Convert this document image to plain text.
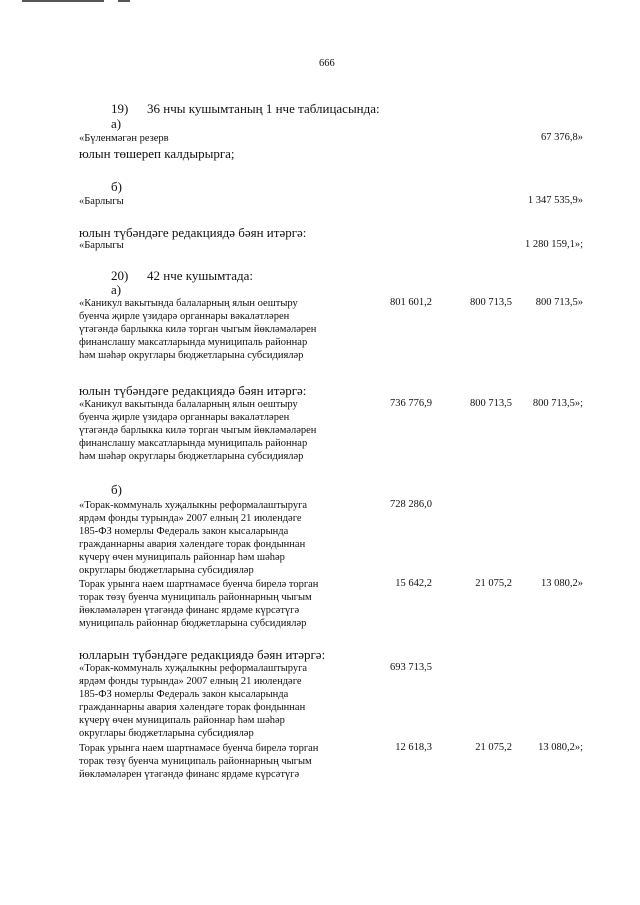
666
19) 36 нчы кушымтаның 1 нче таблицасында:
а)
«Бүленмәгән резерв	67 376,8»
юлын төшереп калдырырга;
б)
«Барлыгы	1 347 535,9»
юлын түбәндәге редакциядә бәян итәргә:
«Барлыгы	1 280 159,1»;
20) 42 нче кушымтада:
а)
«Каникул вакытында балаларның ялын оештыру
буенча җирле үзидарә органнары вәкаләтләрен
үтәгәндә барлыкка килә торган чыгым йөкләмәләрен
финанслашу максатларында муниципаль районнар
һәм шәһәр округлары бюджетларына субсидияләр
801 601,2	800 713,5	800 713,5»
юлын түбәндәге редакциядә бәян итәргә:
«Каникул вакытында балаларның ялын оештыру
буенча җирле үзидарә органнары вәкаләтләрен
үтәгәндә барлыкка килә торган чыгым йөкләмәләрен
финанслашу максатларында муниципаль районнар
һәм шәһәр округлары бюджетларына субсидияләр
736 776,9	800 713,5	800 713,5»;
б)
«Торак-коммуналь хуҗалыкны реформалаштыруга
ярдәм фонды турында» 2007 елның 21 июлендәге
185-ФЗ номерлы Федераль закон кысаларында
гражданнарны авария хәлендәге торак фондыннан
күчерү өчен муниципаль районнар һәм шәһәр
округлары бюджетларына субсидияләр
728 286,0
Торак урынга наем шартнамәсе буенча бирелә торган
торак төзү буенча муниципаль районнарның чыгым
йөкләмәләрен үтәгәндә финанс ярдәме күрсәтүгә
муниципаль районнар бюджетларына субсидияләр
15 642,2	21 075,2	13 080,2»
юлларын түбәндәге редакциядә бәян итәргә:
«Торак-коммуналь хуҗалыкны реформалаштыруга
ярдәм фонды турында» 2007 елның 21 июлендәге
185-ФЗ номерлы Федераль закон кысаларында
гражданнарны авария хәлендәге торак фондыннан
күчерү өчен муниципаль районнар һәм шәһәр
округлары бюджетларына субсидияләр
693 713,5
Торак урынга наем шартнамәсе буенча бирелә торган
торак төзү буенча муниципаль районнарның чыгым
йөкләмәләрен үтәгәндә финанс ярдәме күрсәтүгә
12 618,3	21 075,2	13 080,2»;
